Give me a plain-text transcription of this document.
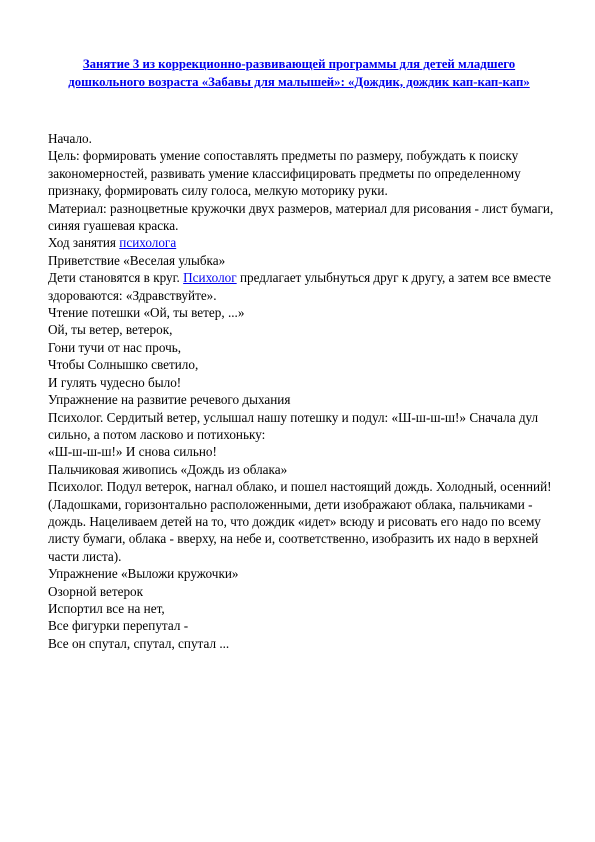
Занятие 3 из коррекционно-развивающей программы для детей младшего дошкольного возраста «Забавы для малышей»: «Дождик, дождик кап-кап-кап»

Начало.

Цель: формировать умение сопоставлять предметы по размеру, побуждать к поиску закономерностей, развивать умение классифицировать предметы по определенному признаку, формировать силу голоса, мелкую моторику руки.

Материал: разноцветные кружочки двух размеров, материал для рисования - лист бумаги, синяя гуашевая краска.

Ход занятия психолога

Приветствие «Веселая улыбка»

Дети становятся в круг. Психолог предлагает улыбнуться друг к другу, а затем все вместе здороваются: «Здравствуйте».

Чтение потешки «Ой, ты ветер, ...»

Ой, ты ветер, ветерок,

Гони тучи от нас прочь,

Чтобы Солнышко светило,

И гулять чудесно было!

Упражнение на развитие речевого дыхания

Психолог. Сердитый ветер, услышал нашу потешку и подул: «Ш-ш-ш-ш!» Сначала дул сильно, а потом ласково и потихоньку:

«Ш-ш-ш-ш!» И снова сильно!

Пальчиковая живопись «Дождь из облака»

Психолог. Подул ветерок, нагнал облако, и пошел настоящий дождь. Холодный, осенний! (Ладошками, горизонтально расположенными, дети изображают облака, пальчиками - дождь. Нацеливаем детей на то, что дождик «идет» всюду и рисовать его надо по всему листу бумаги, облака - вверху, на небе и, соответственно, изобразить их надо в верхней части листа).

Упражнение «Выложи кружочки»

Озорной ветерок

Испортил все на нет,

Все фигурки перепутал -

Все он спутал, спутал, спутал ...
